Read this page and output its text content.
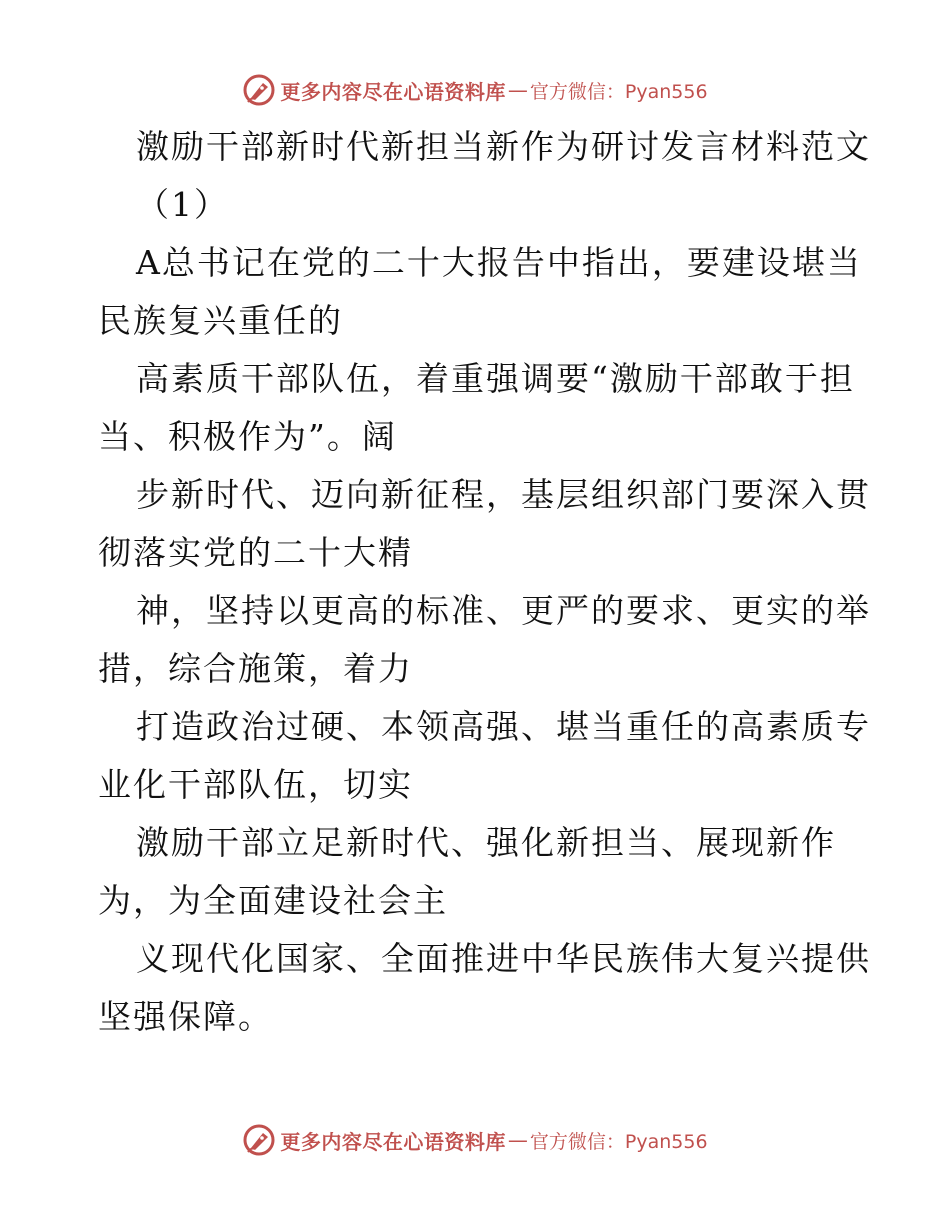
更多内容尽在心语资料库 — 官方微信：Pyan556
激励干部新时代新担当新作为研讨发言材料范文
（1）
A总书记在党的二十大报告中指出，要建设堪当
民族复兴重任的
高素质干部队伍，着重强调要“激励干部敢于担
当、积极作为”。阔
步新时代、迈向新征程，基层组织部门要深入贯
彻落实党的二十大精
神，坚持以更高的标准、更严的要求、更实的举
措，综合施策，着力
打造政治过硬、本领高强、堪当重任的高素质专
业化干部队伍，切实
激励干部立足新时代、强化新担当、展现新作
为，为全面建设社会主
义现代化国家、全面推进中华民族伟大复兴提供
坚强保障。
更多内容尽在心语资料库 — 官方微信：Pyan556
